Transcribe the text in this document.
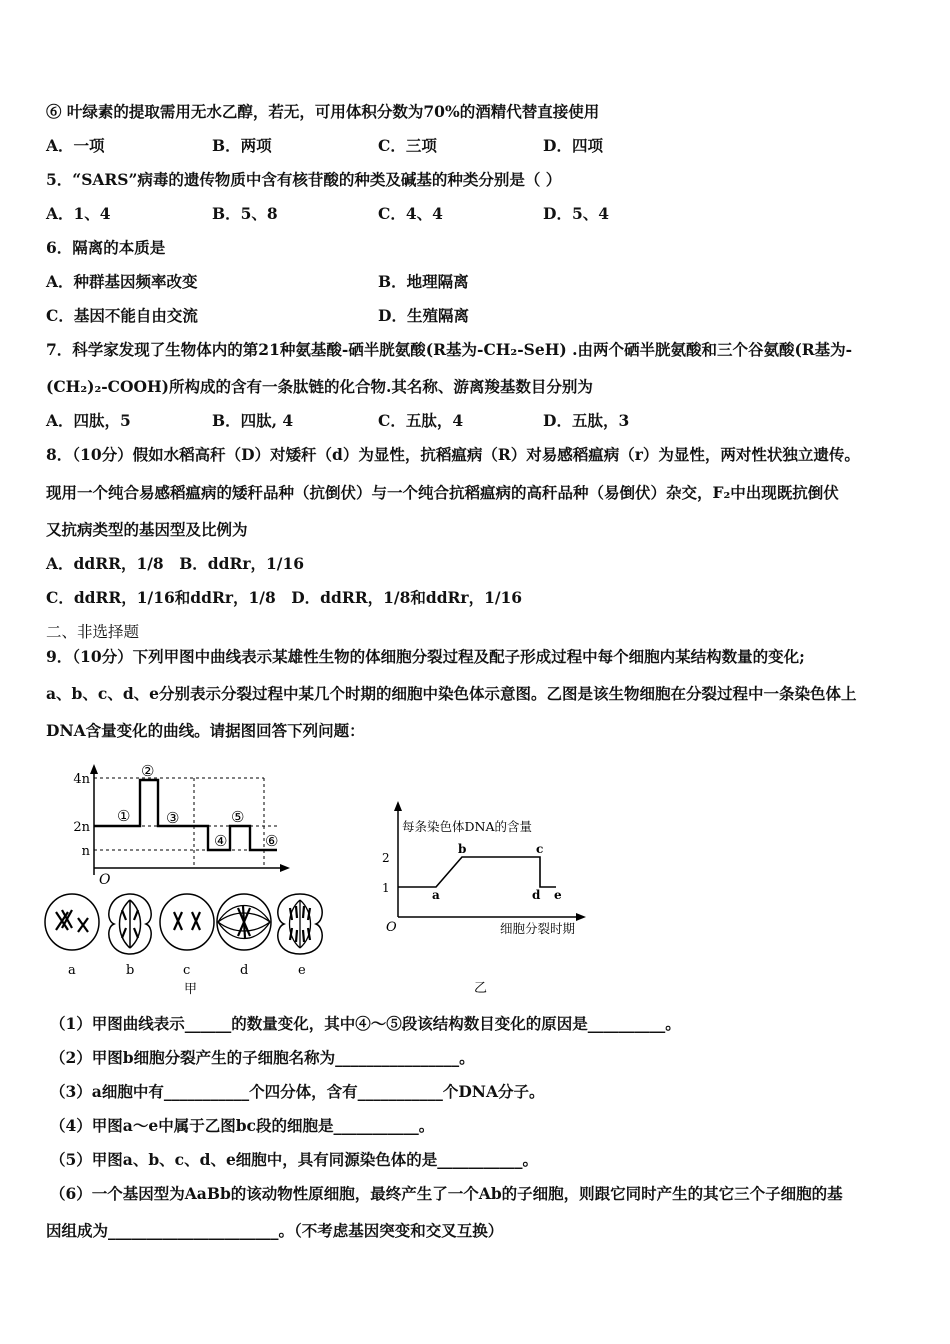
⑥ 叶绿素的提取需用无水乙醇，若无，可用体积分数为70%的酒精代替直接使用
A．一项	B．两项	C．三项	D．四项
5．“SARS”病毒的遗传物质中含有核苷酸的种类及碱基的种类分别是（ ）
A．1、4	B．5、8	C．4、4	D．5、4
6．隔离的本质是
A．种群基因频率改变	B．地理隔离
C．基因不能自由交流	D．生殖隔离
7．科学家发现了生物体内的第21种氨基酸-硒半胱氨酸(R基为-CH₂-SeH) .由两个硒半胱氨酸和三个谷氨酸(R基为-
(CH₂)₂-COOH)所构成的含有一条肽链的化合物.其名称、游离羧基数目分别为
A．四肽，5	B．四肽, 4	C．五肽，4	D．五肽，3
8．（10分）假如水稻高秆（D）对矮秆（d）为显性，抗稻瘟病（R）对易感稻瘟病（r）为显性，两对性状独立遗传。
现用一个纯合易感稻瘟病的矮秆品种（抗倒伏）与一个纯合抗稻瘟病的高秆品种（易倒伏）杂交，F₂中出现既抗倒伏
又抗病类型的基因型及比例为
A．ddRR，1/8　B．ddRr，1/16
C．ddRR，1/16和ddRr，1/8　D．ddRR，1/8和ddRr，1/16
二、非选择题
9．（10分）下列甲图中曲线表示某雄性生物的体细胞分裂过程及配子形成过程中每个细胞内某结构数量的变化;
a、b、c、d、e分别表示分裂过程中某几个时期的细胞中染色体示意图。乙图是该生物细胞在分裂过程中一条染色体上
DNA含量变化的曲线。请据图回答下列问题：
4n
2n
n
O
①
②
③
④
⑤
⑥
a	b	c	d	e
甲
每条染色体DNA的含量
2
1
O
a
b	c
d e
细胞分裂时期
乙
（1）甲图曲线表示______的数量变化，其中④～⑤段该结构数目变化的原因是__________。
（2）甲图b细胞分裂产生的子细胞名称为________________。
（3）a细胞中有___________个四分体，含有___________个DNA分子。
（4）甲图a～e中属于乙图bc段的细胞是___________。
（5）甲图a、b、c、d、e细胞中，具有同源染色体的是___________。
（6）一个基因型为AaBb的该动物性原细胞，最终产生了一个Ab的子细胞，则跟它同时产生的其它三个子细胞的基
因组成为______________________。（不考虑基因突变和交叉互换）
